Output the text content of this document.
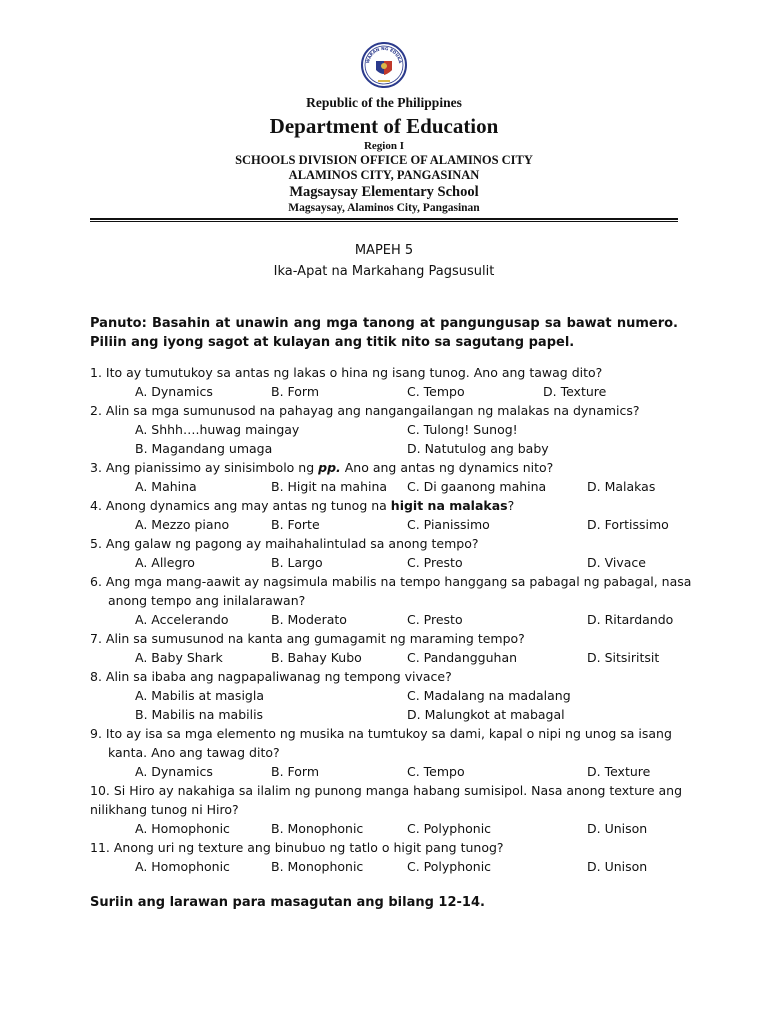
WARAN NG EDUKA
Republic of the Philippines
Department of Education
Region I
SCHOOLS DIVISION OFFICE OF ALAMINOS CITY
ALAMINOS CITY, PANGASINAN
Magsaysay Elementary School
Magsaysay, Alaminos City, Pangasinan
MAPEH 5
Ika-Apat na Markahang Pagsusulit
Panuto: Basahin at unawin ang mga tanong at pangungusap sa bawat numero. Piliin ang iyong sagot at kulayan ang titik nito sa sagutang papel.
1. Ito ay tumutukoy sa antas ng lakas o hina ng isang tunog. Ano ang tawag dito?
A. Dynamics	B. Form	C. Tempo	D. Texture
2. Alin sa mga sumunusod na pahayag ang nangangailangan ng malakas na dynamics?
A. Shhh….huwag maingay	C. Tulong! Sunog!
B. Magandang umaga	D. Natutulog ang baby
3. Ang pianissimo ay sinisimbolo ng pp. Ano ang antas ng dynamics nito?
A. Mahina	B. Higit na mahina C. Di gaanong mahina	D. Malakas
4. Anong dynamics ang may antas ng tunog na higit na malakas?
A. Mezzo piano	B. Forte	C. Pianissimo	D. Fortissimo
5. Ang galaw ng pagong ay maihahalintulad sa anong tempo?
A. Allegro	B. Largo	C. Presto	D. Vivace
6. Ang mga mang-aawit ay nagsimula mabilis na tempo hanggang sa pabagal ng pabagal, nasa
anong tempo ang inilalarawan?
A. Accelerando	B. Moderato	C. Presto	D. Ritardando
7. Alin sa sumusunod na kanta ang gumagamit ng maraming tempo?
A. Baby Shark	B. Bahay Kubo	C. Pandangguhan	D. Sitsiritsit
8. Alin sa ibaba ang nagpapaliwanag ng tempong vivace?
A. Mabilis at masigla	C. Madalang na madalang
B. Mabilis na mabilis	D. Malungkot at mabagal
9. Ito ay isa sa mga elemento ng musika na tumtukoy sa dami, kapal o nipi ng unog sa isang
kanta. Ano ang tawag dito?
A. Dynamics	B. Form	C. Tempo	D. Texture
10. Si Hiro ay nakahiga sa ilalim ng punong manga habang sumisipol. Nasa anong texture ang
nilikhang tunog ni Hiro?
A. Homophonic	B. Monophonic	C. Polyphonic	D. Unison
11. Anong uri ng texture ang binubuo ng tatlo o higit pang tunog?
A. Homophonic	B. Monophonic	C. Polyphonic	D. Unison
Suriin ang larawan para masagutan ang bilang 12-14.
